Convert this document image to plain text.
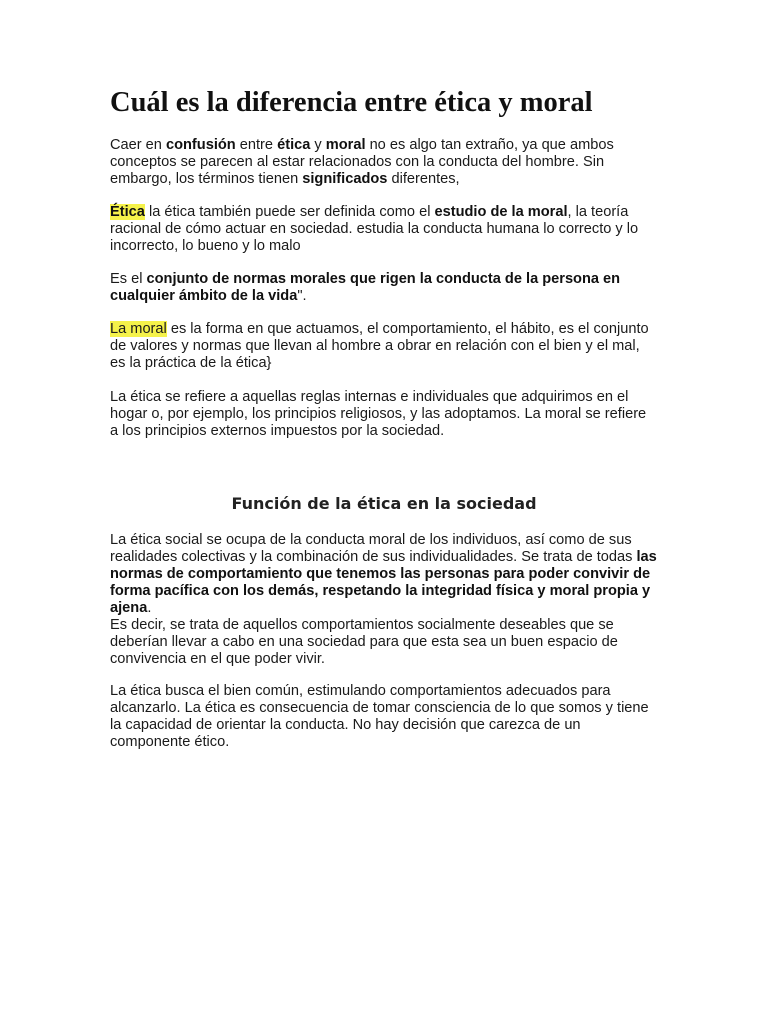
Cuál es la diferencia entre ética y moral

Caer en confusión entre ética y moral no es algo tan extraño, ya que ambos conceptos se parecen al estar relacionados con la conducta del hombre. Sin embargo, los términos tienen significados diferentes,

Ética la ética también puede ser definida como el estudio de la moral, la teoría racional de cómo actuar en sociedad. estudia la conducta humana lo correcto y lo incorrecto, lo bueno y lo malo

Es el conjunto de normas morales que rigen la conducta de la persona en cualquier ámbito de la vida".

La moral es la forma en que actuamos, el comportamiento, el hábito, es el conjunto de valores y normas que llevan al hombre a obrar en relación con el bien y el mal, es la práctica de la ética}

La ética se refiere a aquellas reglas internas e individuales que adquirimos en el hogar o, por ejemplo, los principios religiosos, y las adoptamos. La moral se refiere a los principios externos impuestos por la sociedad.

Función de la ética en la sociedad

La ética social se ocupa de la conducta moral de los individuos, así como de sus realidades colectivas y la combinación de sus individualidades. Se trata de todas las normas de comportamiento que tenemos las personas para poder convivir de forma pacífica con los demás, respetando la integridad física y moral propia y ajena.
Es decir, se trata de aquellos comportamientos socialmente deseables que se deberían llevar a cabo en una sociedad para que esta sea un buen espacio de convivencia en el que poder vivir.

La ética busca el bien común, estimulando comportamientos adecuados para alcanzarlo. La ética es consecuencia de tomar consciencia de lo que somos y tiene la capacidad de orientar la conducta. No hay decisión que carezca de un componente ético.
